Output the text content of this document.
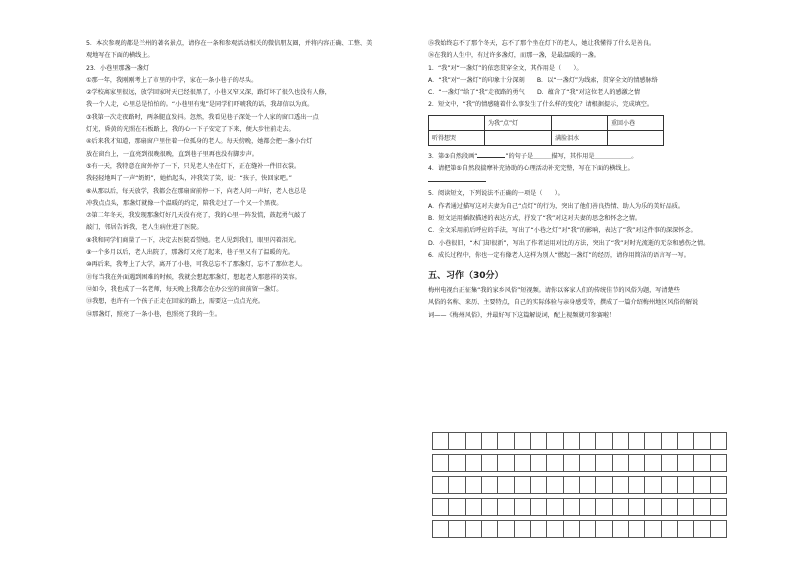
5．本次参观的都是兰州的著名景点，请你在一条和参观活动相关的微信朋友圈，并将内容正确、工整、美
观地写在下面的横线上。
23．小巷里那盏一盏灯
①那一年，我刚刚考上了市里的中学，家在一条小巷子的尽头。
②学校离家里很远，放学回家时天已经很黑了，小巷又窄又深，路灯坏了很久也没有人修，
我一个人走，心里总是怕怕的。“小巷里有鬼”是同学们吓唬我的话，我却信以为真。
③我第一次走夜路时，两条腿直发抖。忽然，我看见巷子深处一个人家的窗口透出一点
灯光，昏黄的光照在石板路上，我的心一下子安定了下来，便大步往前走去。
④后来我才知道，那扇窗户里住着一位孤身的老人。每天傍晚，她都会把一盏小台灯
放在窗台上，一直亮到很晚很晚，直到巷子里再也没有脚步声。
⑤有一天，我特意在窗外停了一下，只见老人坐在灯下，正在缝补一件旧衣裳。
我轻轻地叫了一声“奶奶”，她抬起头，冲我笑了笑，说：“孩子，快回家吧。”
⑥从那以后，每天放学，我都会在那扇窗前停一下，向老人问一声好，老人也总是
冲我点点头，那盏灯就像一个温暖的约定，陪我走过了一个又一个黑夜。
⑦第二年冬天，我发现那盏灯好几天没有亮了，我的心里一阵发慌，鼓起勇气敲了
敲门，邻居告诉我，老人生病住进了医院。
⑧我和同学们商量了一下，决定去医院看望她。老人见到我们，眼里闪着泪光。
⑨一个多月以后，老人出院了，那盏灯又亮了起来，巷子里又有了温暖的光。
⑩再后来，我考上了大学，离开了小巷，可我总忘不了那盏灯，忘不了那位老人。
⑪每当我在外面遇到困难的时候，我就会想起那盏灯，想起老人那慈祥的笑容。
⑫如今，我也成了一名老师，每天晚上我都会在办公室的窗前留一盏灯。
⑬我想，也许有一个孩子正走在回家的路上，需要这一点点光亮。
⑭那盏灯，照亮了一条小巷，也照亮了我的一生。
⑮我始终忘不了那个冬天，忘不了那个坐在灯下的老人，她让我懂得了什么是善良。
⑯在我的人生中，有过许多盏灯，而那一盏，是最温暖的一盏。
1．“我”对“一盏灯”的依恋贯穿全文，其作用是（　　）。
A．“我”对“一盏灯”的印象十分深刻　　B．以“一盏灯”为线索，贯穿全文的情感脉络
C．“一盏灯”给了“我”走夜路的勇气　　D．蕴含了“我”对这位老人的感激之情
2．短文中，“我”的情感随着什么事发生了什么样的变化？请根据提示，完成填空。
	为我“点”灯		重回小巷
听得想哭		满脸泪水	
3．第③自然段画“	”的句子是＿＿＿描写，其作用是＿＿＿＿＿＿。
4．请把第⑤自然段揣摩补充协助的心理活动补充完整，写在下面的横线上。
5．阅读短文，下列说法不正确的一项是（　　）。
A．作者通过描写这对夫妻为自己“点灯”的行为，突出了他们善良热情、助人为乐的美好品质。
B．短文运用插叙描述的表达方式，抒发了“我”对这对夫妻的思念和怀念之情。
C．全文采用前后呼应的手法，写出了“小巷之灯”对“我”的影响，表达了“我”对这件事的深深怀念。
D．小巷很旧，“木门却很新”，写出了作者运用对比的方法，突出了“我”对时光流逝的无奈和感伤之情。
6．成长过程中，你也一定有像老人这样为别人“燃起一盏灯”的经历，请你用简洁的语言写一写。
五、习作（30分）
梅州电视台正征集“我的家乡风俗”短视频。请你以客家人们的传统佳节的风俗为题，写清楚些
风俗的名称、来历、主要特点，自己的实际体验与亲身感受等，撰成了一篇介绍梅州地区风俗的解说
词——《梅州风俗》，并最好写下这篇解说词，配上视频就可参赛啦！
